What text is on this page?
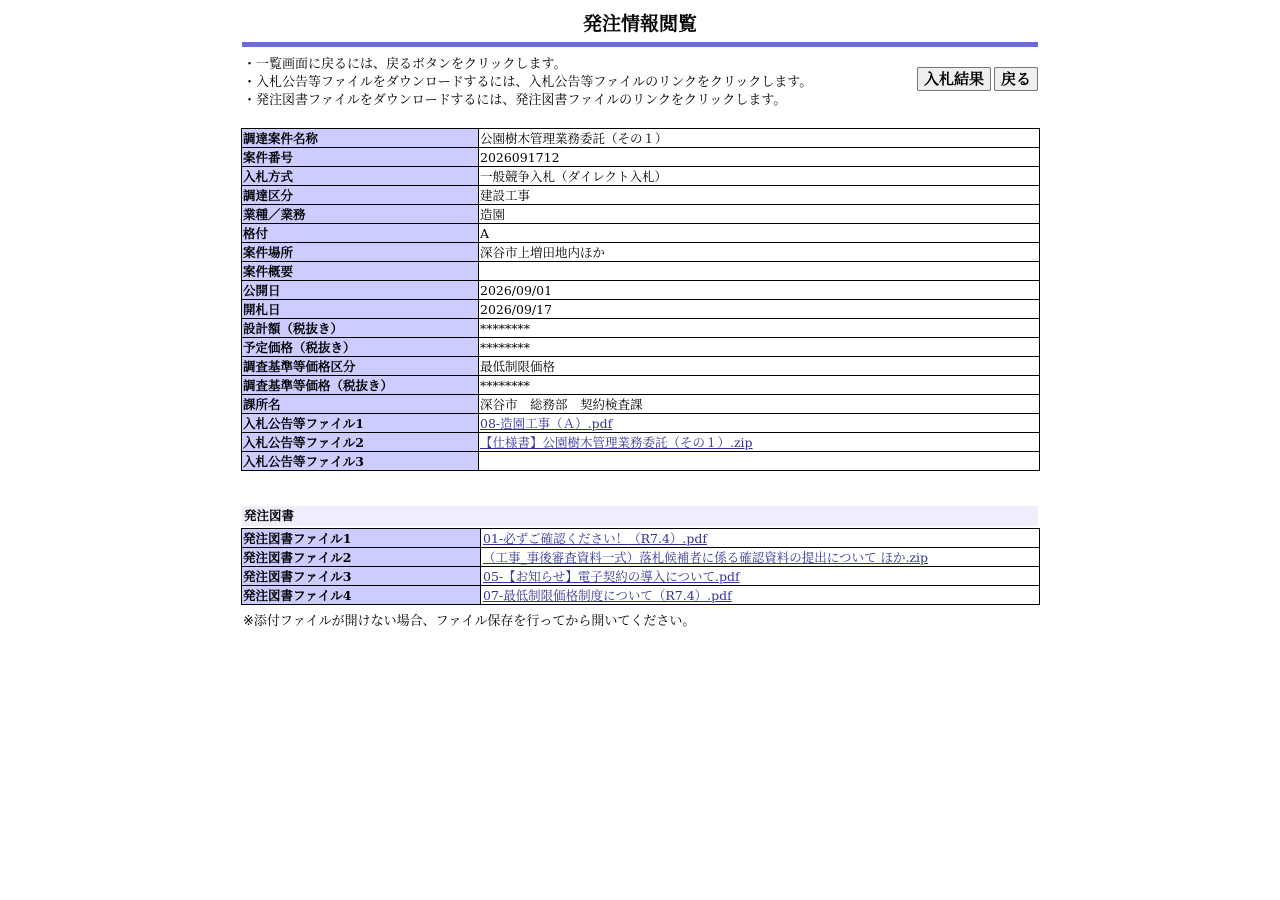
発注情報閲覧
・一覧画面に戻るには、戻るボタンをクリックします。
・入札公告等ファイルをダウンロードするには、入札公告等ファイルのリンクをクリックします。
・発注図書ファイルをダウンロードするには、発注図書ファイルのリンクをクリックします。
入札結果	戻る
調達案件名称	公園樹木管理業務委託（その１）
案件番号	2026091712
入札方式	一般競争入札（ダイレクト入札）
調達区分	建設工事
業種／業務	造園
格付	A
案件場所	深谷市上増田地内ほか
案件概要	
公開日	2026/09/01
開札日	2026/09/17
設計額（税抜き）	********
予定価格（税抜き）	********
調査基準等価格区分	最低制限価格
調査基準等価格（税抜き）	********
課所名	深谷市　総務部　契約検査課
入札公告等ファイル1	08-造園工事（Ａ）.pdf
入札公告等ファイル2	【仕様書】公園樹木管理業務委託（その１）.zip
入札公告等ファイル3	
発注図書
発注図書ファイル1	01-必ずご確認ください！（R7.4）.pdf
発注図書ファイル2	（工事_事後審査資料一式）落札候補者に係る確認資料の提出について ほか.zip
発注図書ファイル3	05-【お知らせ】電子契約の導入について.pdf
発注図書ファイル4	07-最低制限価格制度について（R7.4）.pdf
※添付ファイルが開けない場合、ファイル保存を行ってから開いてください。
